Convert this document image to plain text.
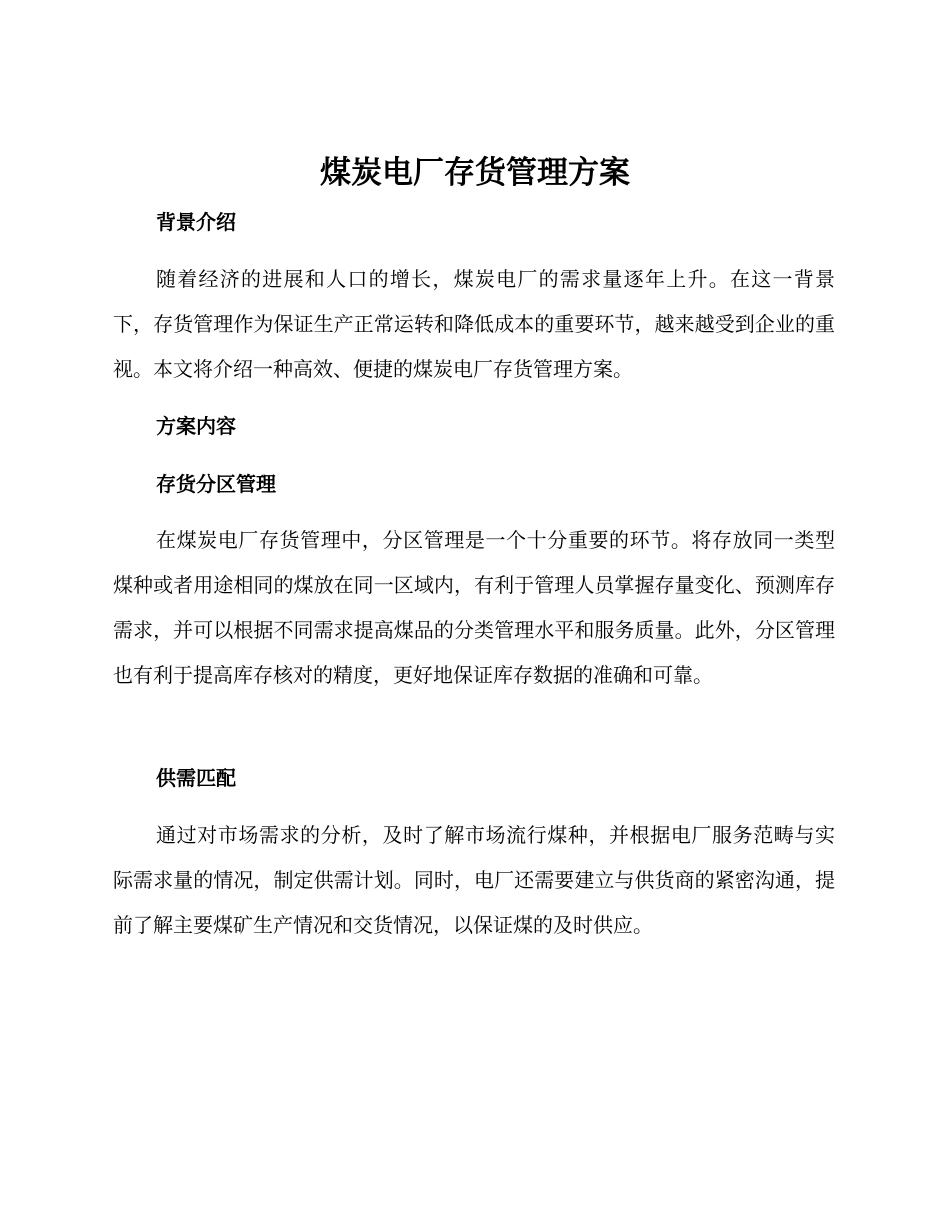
煤炭电厂存货管理方案
背景介绍

随着经济的进展和人口的增长，煤炭电厂的需求量逐年上升。在这一背景下，存货管理作为保证生产正常运转和降低成本的重要环节，越来越受到企业的重视。本文将介绍一种高效、便捷的煤炭电厂存货管理方案。

方案内容
存货分区管理

在煤炭电厂存货管理中，分区管理是一个十分重要的环节。将存放同一类型煤种或者用途相同的煤放在同一区域内，有利于管理人员掌握存量变化、预测库存需求，并可以根据不同需求提高煤品的分类管理水平和服务质量。此外，分区管理也有利于提高库存核对的精度，更好地保证库存数据的准确和可靠。

供需匹配

通过对市场需求的分析，及时了解市场流行煤种，并根据电厂服务范畴与实际需求量的情况，制定供需计划。同时，电厂还需要建立与供货商的紧密沟通，提前了解主要煤矿生产情况和交货情况，以保证煤的及时供应。
